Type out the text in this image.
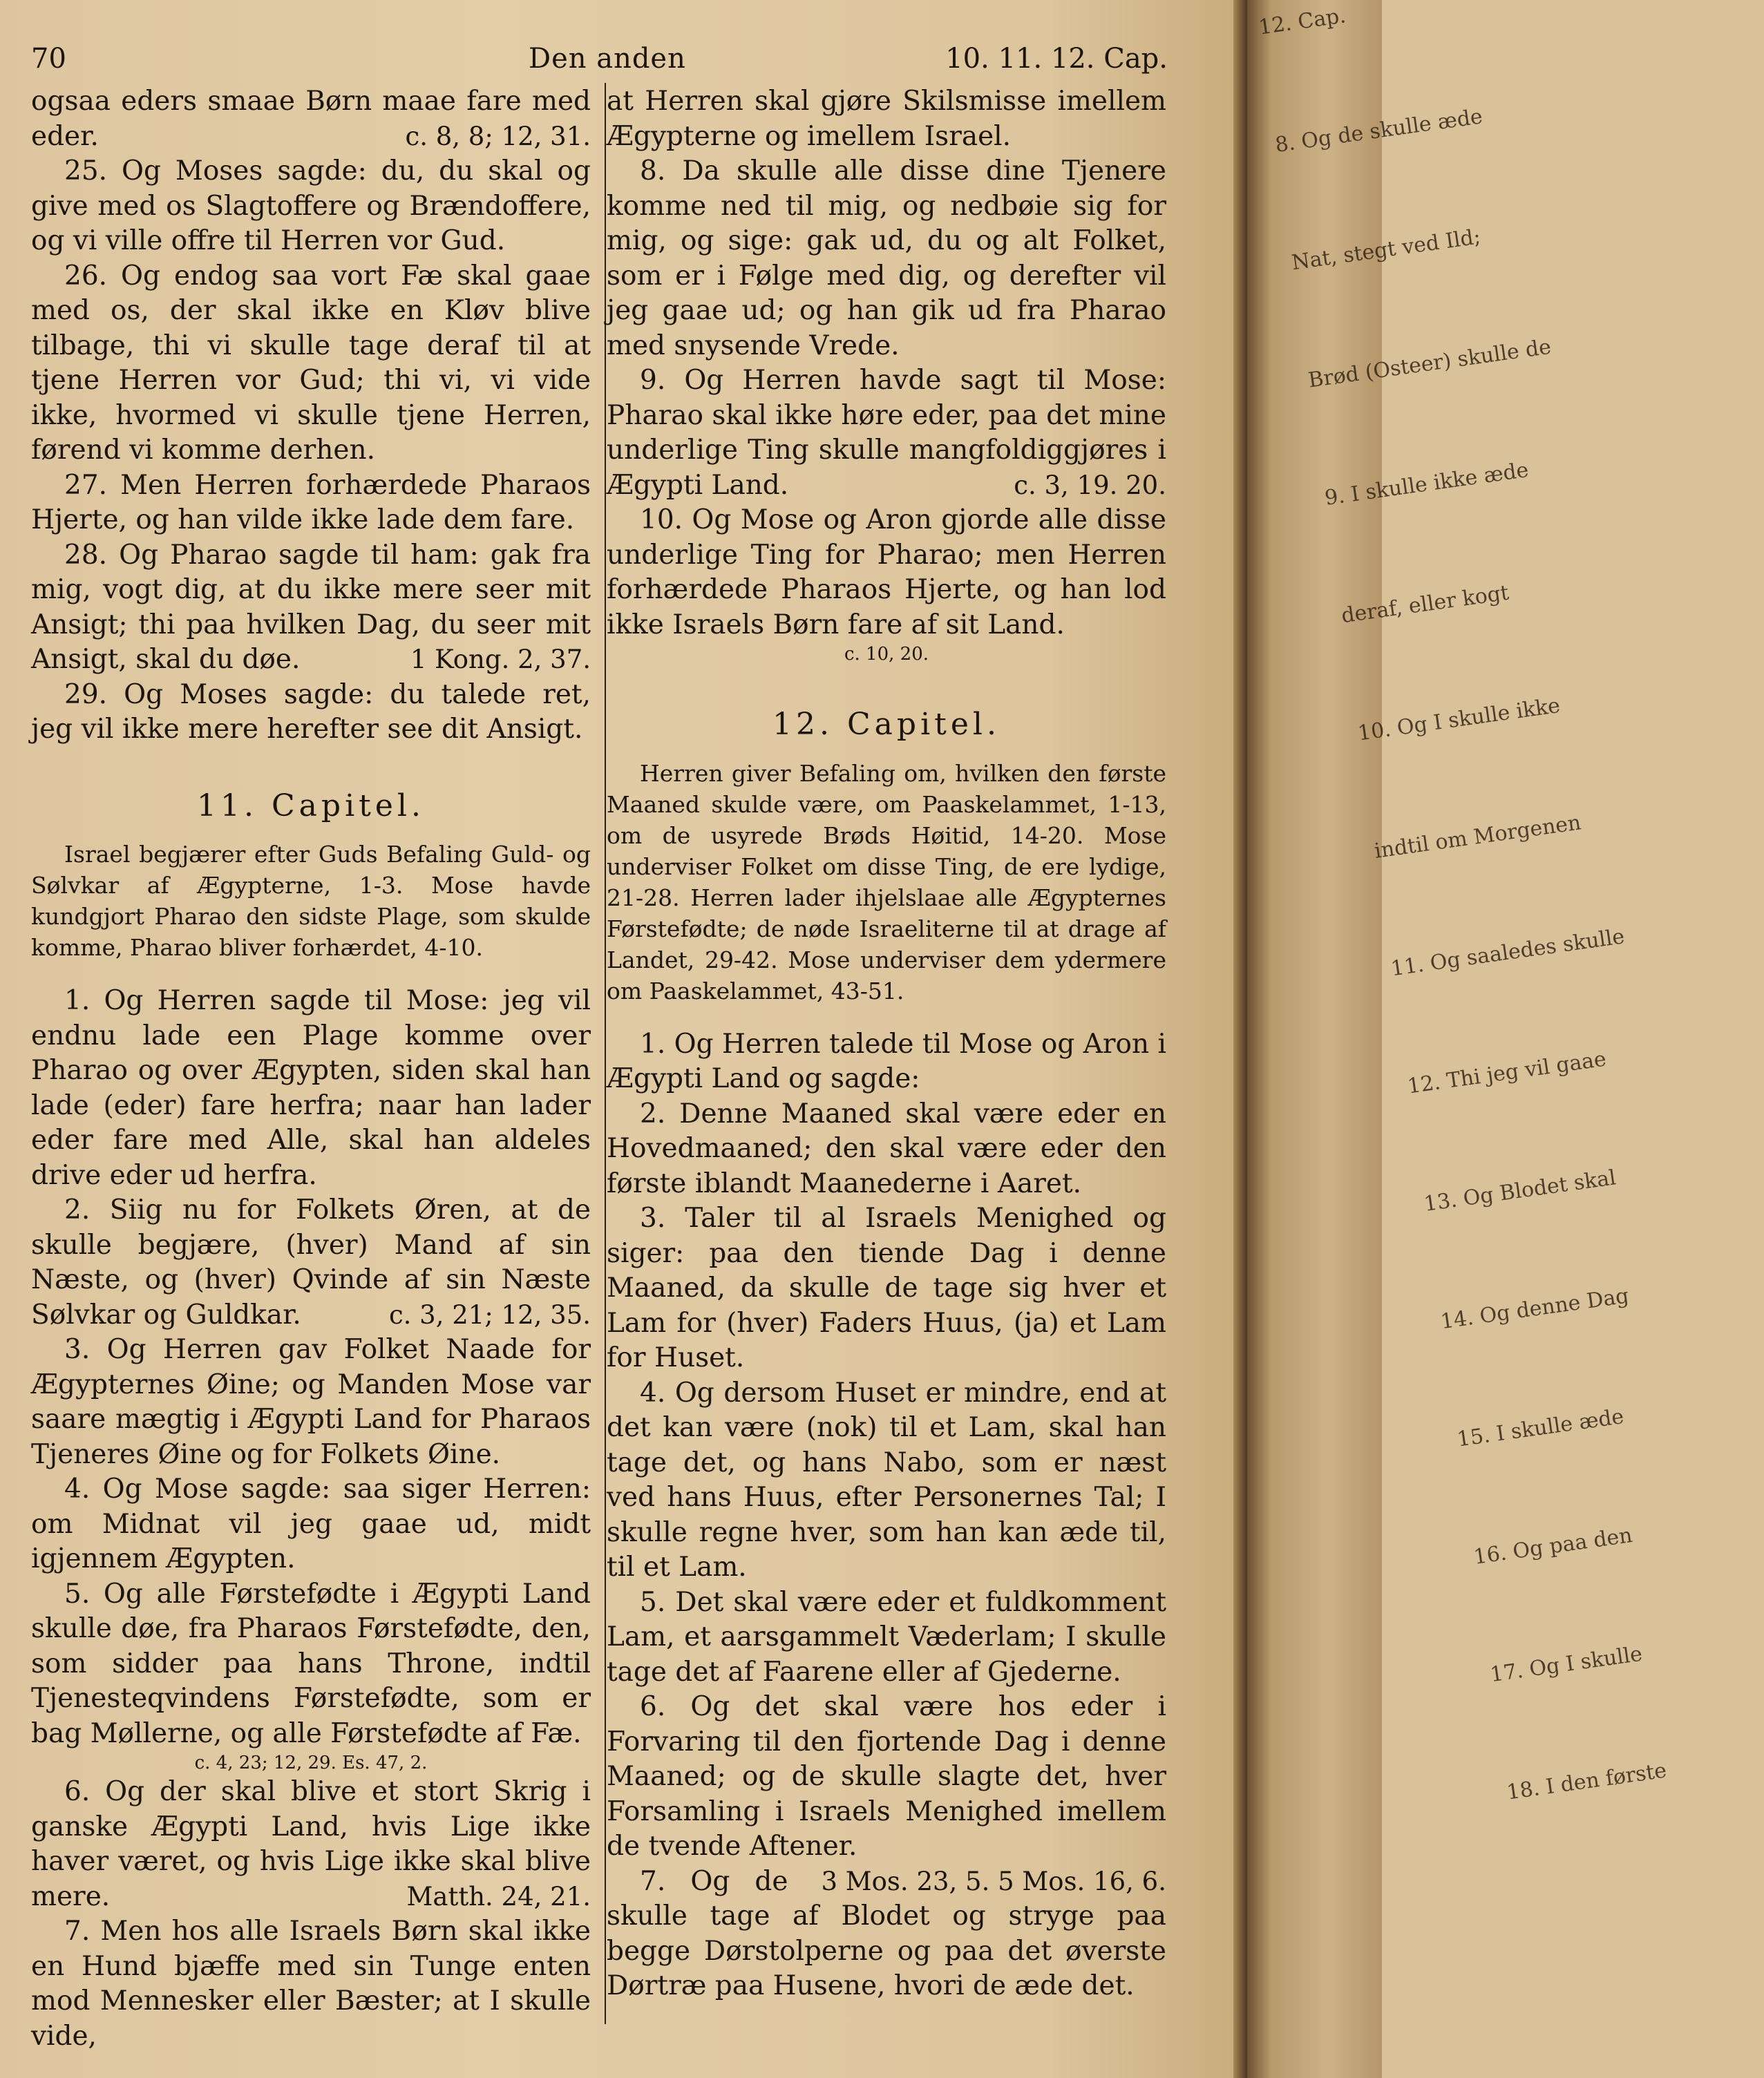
70	Den anden	10. 11. 12. Cap.

ogsaa eders smaae Børn maae fare med eder.	c. 8, 8; 12, 31.

25. Og Moses sagde: du, du skal og give med os Slagtoffere og Brændoffere, og vi ville offre til Herren vor Gud.

26. Og endog saa vort Fæ skal gaae med os, der skal ikke en Kløv blive tilbage, thi vi skulle tage deraf til at tjene Herren vor Gud; thi vi, vi vide ikke, hvormed vi skulle tjene Herren, førend vi komme derhen.

27. Men Herren forhærdede Pharaos Hjerte, og han vilde ikke lade dem fare.

28. Og Pharao sagde til ham: gak fra mig, vogt dig, at du ikke mere seer mit Ansigt; thi paa hvilken Dag, du seer mit Ansigt, skal du døe.	1 Kong. 2, 37.

29. Og Moses sagde: du talede ret, jeg vil ikke mere herefter see dit Ansigt.

11. Capitel.

Israel begjærer efter Guds Befaling Guld- og Sølvkar af Ægypterne, 1-3. Mose havde kundgjort Pharao den sidste Plage, som skulde komme, Pharao bliver forhærdet, 4-10.

1. Og Herren sagde til Mose: jeg vil endnu lade een Plage komme over Pharao og over Ægypten, siden skal han lade (eder) fare herfra; naar han lader eder fare med Alle, skal han aldeles drive eder ud herfra.

2. Siig nu for Folkets Øren, at de skulle begjære, (hver) Mand af sin Næste, og (hver) Qvinde af sin Næste Sølvkar og Guldkar.	c. 3, 21; 12, 35.

3. Og Herren gav Folket Naade for Ægypternes Øine; og Manden Mose var saare mægtig i Ægypti Land for Pharaos Tjeneres Øine og for Folkets Øine.

4. Og Mose sagde: saa siger Herren: om Midnat vil jeg gaae ud, midt igjennem Ægypten.

5. Og alle Førstefødte i Ægypti Land skulle døe, fra Pharaos Førstefødte, den, som sidder paa hans Throne, indtil Tjenesteqvindens Førstefødte, som er bag Møllerne, og alle Førstefødte af Fæ.

c. 4, 23; 12, 29. Es. 47, 2.

6. Og der skal blive et stort Skrig i ganske Ægypti Land, hvis Lige ikke haver været, og hvis Lige ikke skal blive mere.	Matth. 24, 21.

7. Men hos alle Israels Børn skal ikke en Hund bjæffe med sin Tunge enten mod Mennesker eller Bæster; at I skulle vide,

at Herren skal gjøre Skilsmisse imellem Ægypterne og imellem Israel.

8. Da skulle alle disse dine Tjenere komme ned til mig, og nedbøie sig for mig, og sige: gak ud, du og alt Folket, som er i Følge med dig, og derefter vil jeg gaae ud; og han gik ud fra Pharao med snysende Vrede.

9. Og Herren havde sagt til Mose: Pharao skal ikke høre eder, paa det mine underlige Ting skulle mangfoldiggjøres i Ægypti Land.	c. 3, 19. 20.

10. Og Mose og Aron gjorde alle disse underlige Ting for Pharao; men Herren forhærdede Pharaos Hjerte, og han lod ikke Israels Børn fare af sit Land.

c. 10, 20.

12. Capitel.

Herren giver Befaling om, hvilken den første Maaned skulde være, om Paaskelammet, 1-13, om de usyrede Brøds Høitid, 14-20. Mose underviser Folket om disse Ting, de ere lydige, 21-28. Herren lader ihjelslaae alle Ægypternes Førstefødte; de nøde Israeliterne til at drage af Landet, 29-42. Mose underviser dem ydermere om Paaskelammet, 43-51.

1. Og Herren talede til Mose og Aron i Ægypti Land og sagde:

2. Denne Maaned skal være eder en Hovedmaaned; den skal være eder den første iblandt Maanederne i Aaret.

3. Taler til al Israels Menighed og siger: paa den tiende Dag i denne Maaned, da skulle de tage sig hver et Lam for (hver) Faders Huus, (ja) et Lam for Huset.

4. Og dersom Huset er mindre, end at det kan være (nok) til et Lam, skal han tage det, og hans Nabo, som er næst ved hans Huus, efter Personernes Tal; I skulle regne hver, som han kan æde til, til et Lam.

5. Det skal være eder et fuldkomment Lam, et aarsgammelt Væderlam; I skulle tage det af Faarene eller af Gjederne.

6. Og det skal være hos eder i Forvaring til den fjortende Dag i denne Maaned; og de skulle slagte det, hver Forsamling i Israels Menighed imellem de tvende Aftener.
3 Mos. 23, 5. 5 Mos. 16, 6.

7. Og de skulle tage af Blodet og stryge paa begge Dørstolperne og paa det øverste Dørtræ paa Husene, hvori de æde det.

12. Cap.
8. Og de skulle æde
Nat, stegt ved Ild;
Brød (Osteer) skulle de
9. I skulle ikke æde
deraf, eller kogt
10. Og I skulle ikke
indtil om Morgenen
11. Og saaledes skulle
12. Thi jeg vil gaae
13. Og Blodet skal
14. Og denne Dag
15. I skulle æde
16. Og paa den
17. Og I skulle
18. I den første
